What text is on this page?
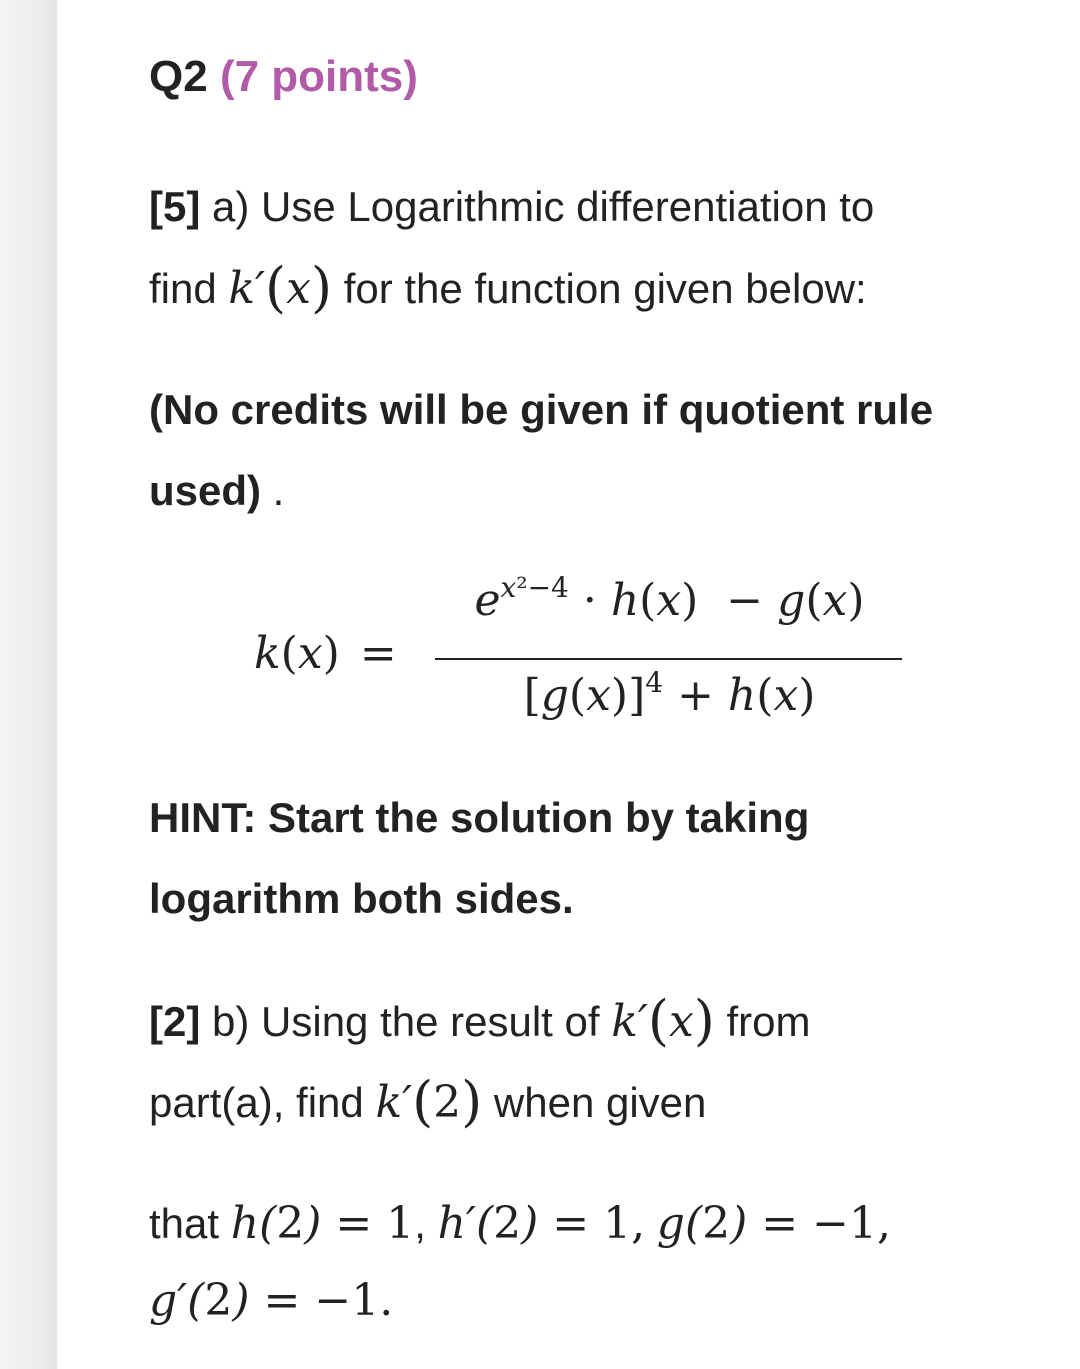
Q2 (7 points)
[5] a) Use Logarithmic differentiation to
find k′(x) for the function given below:
(No credits will be given if quotient rule
used) .
k(x) =
$e^{x^2-4} \cdot h(x) - g(x)$
$[g(x)]^4 + h(x)$
HINT: Start the solution by taking
logarithm both sides.
[2] b) Using the result of k′(x) from
part(a), find k′(2) when given
that h(2) = 1, h′(2) = 1, g(2) = −1,
g′(2) = −1.
